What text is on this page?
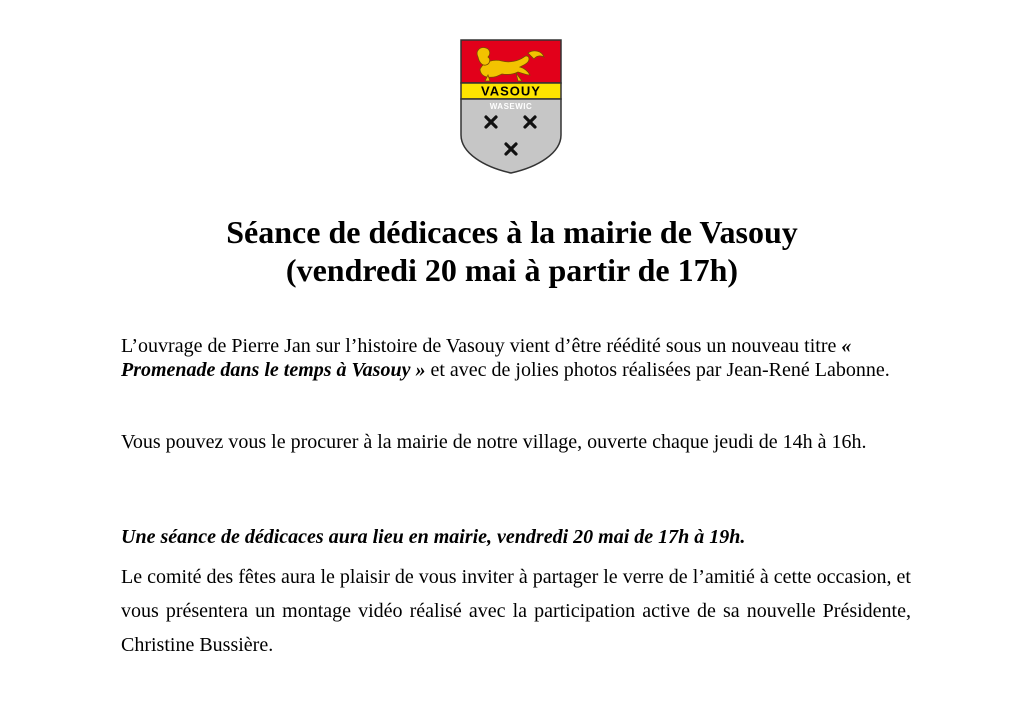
VASOUY
WASEWIC
Séance de dédicaces à la mairie de Vasouy
(vendredi 20 mai à partir de 17h)

L’ouvrage de Pierre Jan sur l’histoire de Vasouy vient d’être réédité sous un nouveau titre « Promenade dans le temps à Vasouy » et avec de jolies photos réalisées par Jean-René Labonne.

Vous pouvez vous le procurer à la mairie de notre village, ouverte chaque jeudi de 14h à 16h.

Une séance de dédicaces aura lieu en mairie, vendredi 20 mai de 17h à 19h.

Le comité des fêtes aura le plaisir de vous inviter à partager le verre de l’amitié à cette occasion, et vous présentera un montage vidéo réalisé avec la participation active de sa nouvelle Présidente, Christine Bussière.
